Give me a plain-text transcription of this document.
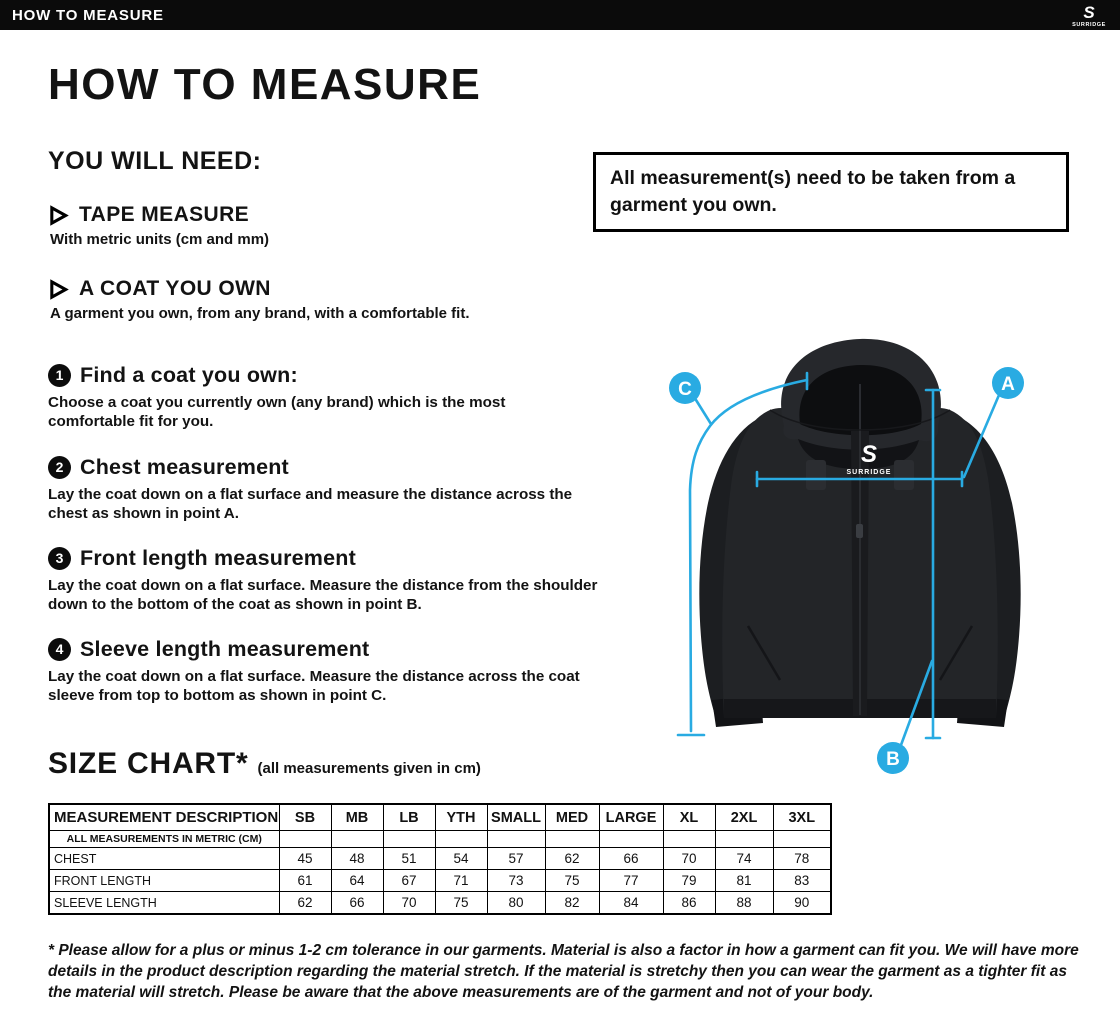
HOW TO MEASURE	S
SURRIDGE
HOW TO MEASURE
YOU WILL NEED:
All measurement(s) need to be taken from a garment you own.
TAPE MEASURE
With metric units (cm and mm)
A COAT YOU OWN
A garment you own, from any brand, with a comfortable fit.
1 Find a coat you own:
Choose a coat you currently own (any brand) which is the most comfortable fit for you.
2 Chest measurement
Lay the coat down on a flat surface and measure the distance across the chest as shown in point A.
3 Front length measurement
Lay the coat down on a flat surface. Measure the distance from the shoulder down to the bottom of the coat as shown in point B.
4 Sleeve length measurement
Lay the coat down on a flat surface. Measure the distance across the coat sleeve from top to bottom as shown in point C.
S
SURRIDGE
C	A
B
SIZE CHART* (all measurements given in cm)
MEASUREMENT DESCRIPTION	SB	MB	LB	YTH	SMALL	MED	LARGE	XL	2XL	3XL
ALL MEASUREMENTS IN METRIC (CM)										
CHEST	45	48	51	54	57	62	66	70	74	78
FRONT LENGTH	61	64	67	71	73	75	77	79	81	83
SLEEVE LENGTH	62	66	70	75	80	82	84	86	88	90
* Please allow for a plus or minus 1-2 cm tolerance in our garments. Material is also a factor in how a garment can fit you. We will have more details in the product description regarding the material stretch. If the material is stretchy then you can wear the garment as a tighter fit as the material will stretch. Please be aware that the above measurements are of the garment and not of your body.
